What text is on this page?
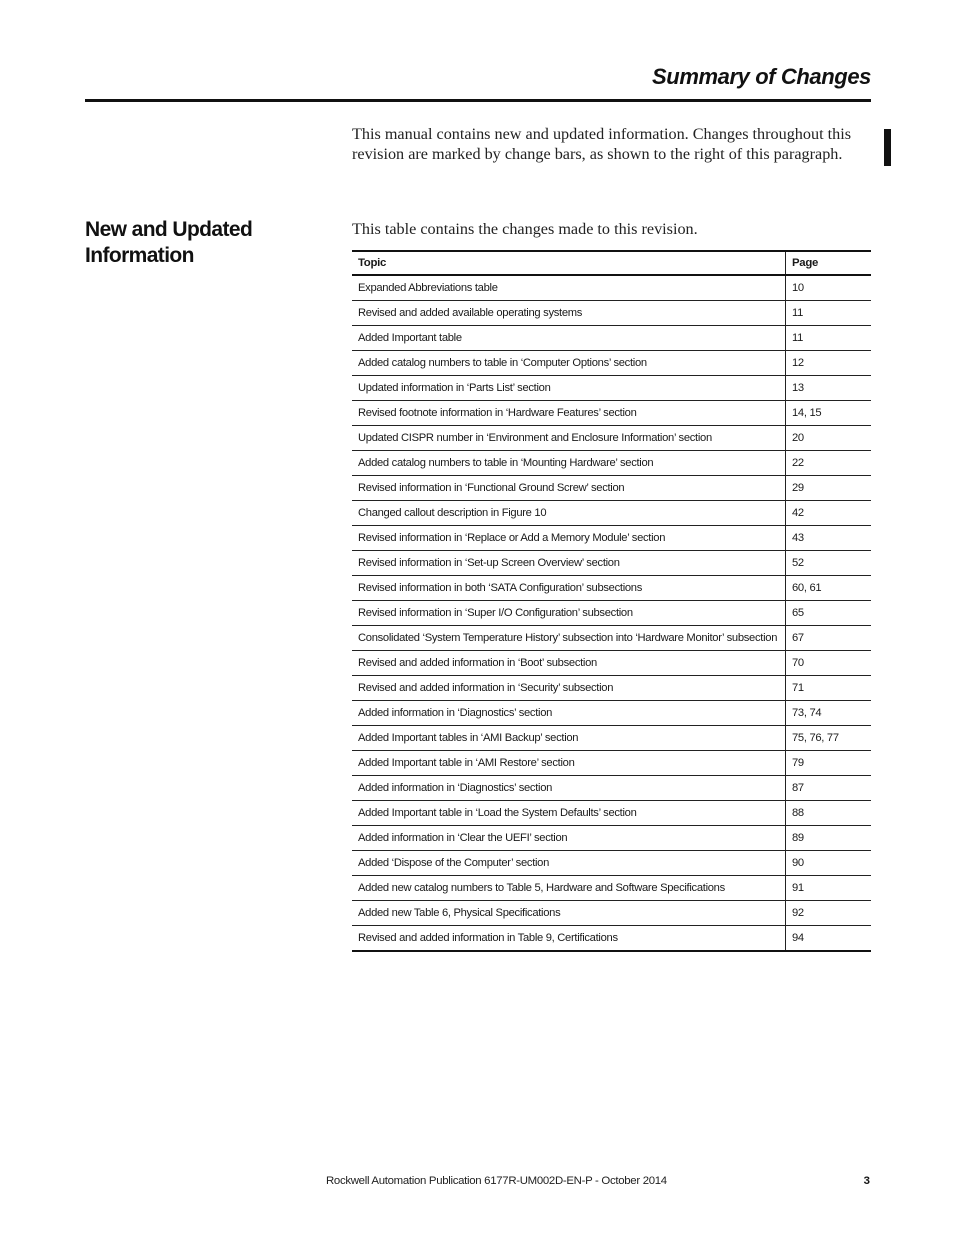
Summary of Changes
This manual contains new and updated information. Changes throughout this revision are marked by change bars, as shown to the right of this paragraph.
New and Updated Information
This table contains the changes made to this revision.
Topic	Page
Expanded Abbreviations table	10
Revised and added available operating systems	11
Added Important table	11
Added catalog numbers to table in ‘Computer Options’ section	12
Updated information in ‘Parts List’ section	13
Revised footnote information in ‘Hardware Features’ section	14, 15
Updated CISPR number in ‘Environment and Enclosure Information’ section	20
Added catalog numbers to table in ‘Mounting Hardware’ section	22
Revised information in ‘Functional Ground Screw’ section	29
Changed callout description in Figure 10	42
Revised information in ‘Replace or Add a Memory Module’ section	43
Revised information in ‘Set-up Screen Overview’ section	52
Revised information in both ‘SATA Configuration’ subsections	60, 61
Revised information in ‘Super I/O Configuration’ subsection	65
Consolidated ‘System Temperature History’ subsection into ‘Hardware Monitor’ subsection	67
Revised and added information in ‘Boot’ subsection	70
Revised and added information in ‘Security’ subsection	71
Added information in ‘Diagnostics’ section	73, 74
Added Important tables in ‘AMI Backup’ section	75, 76, 77
Added Important table in ‘AMI Restore’ section	79
Added information in ‘Diagnostics’ section	87
Added Important table in ‘Load the System Defaults’ section	88
Added information in ‘Clear the UEFI’ section	89
Added ‘Dispose of the Computer’ section	90
Added new catalog numbers to Table 5, Hardware and Software Specifications	91
Added new Table 6, Physical Specifications	92
Revised and added information in Table 9, Certifications	94
Rockwell Automation Publication 6177R-UM002D-EN-P - October 2014	3
